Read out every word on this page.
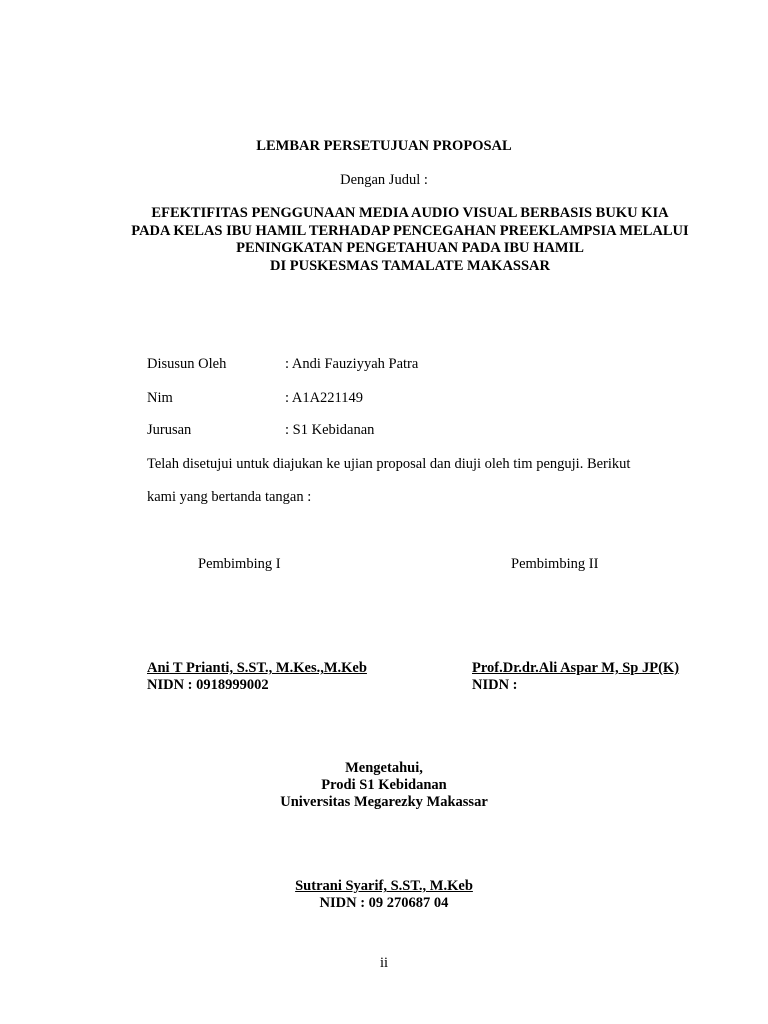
LEMBAR PERSETUJUAN PROPOSAL
Dengan Judul :
EFEKTIFITAS PENGGUNAAN MEDIA AUDIO VISUAL BERBASIS BUKU KIA
PADA KELAS IBU HAMIL TERHADAP PENCEGAHAN PREEKLAMPSIA MELALUI
PENINGKATAN PENGETAHUAN PADA IBU HAMIL
DI PUSKESMAS TAMALATE MAKASSAR
Disusun Oleh	: Andi Fauziyyah Patra
Nim	: A1A221149
Jurusan	: S1 Kebidanan
Telah disetujui untuk diajukan ke ujian proposal dan diuji oleh tim penguji. Berikut
kami yang bertanda tangan :
Pembimbing I	Pembimbing II
Ani T Prianti, S.ST., M.Kes.,M.Keb
NIDN : 0918999002
Prof.Dr.dr.Ali Aspar M, Sp JP(K)
NIDN :
Mengetahui,
Prodi S1 Kebidanan
Universitas Megarezky Makassar
Sutrani Syarif, S.ST., M.Keb
NIDN : 09 270687 04
ii
